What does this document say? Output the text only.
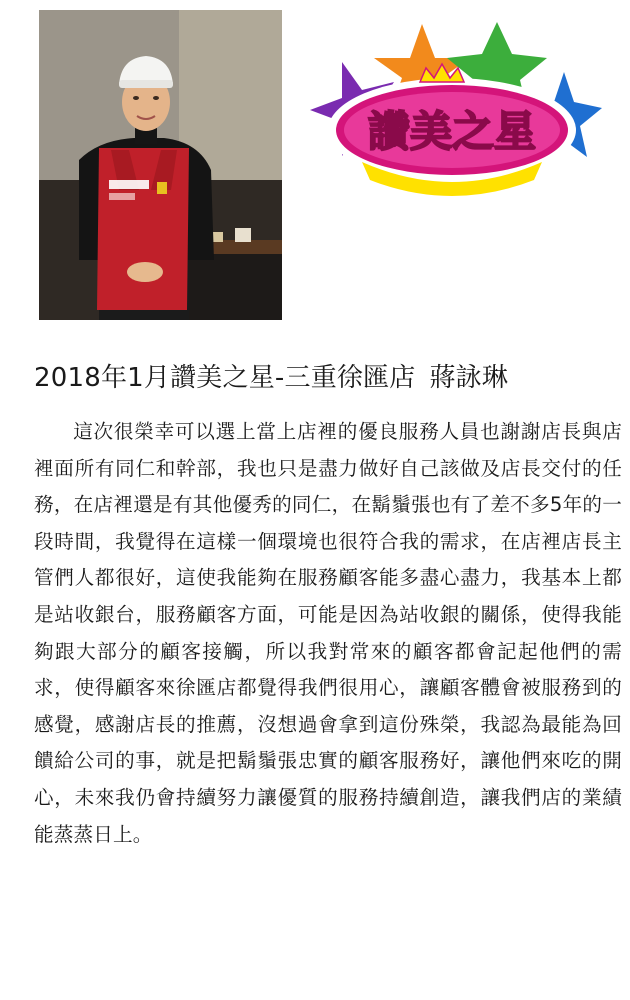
讚美之星
2018年1月讚美之星-三重徐匯店 蔣詠琳

這次很榮幸可以選上當上店裡的優良服務人員也謝謝店長與店裡面所有同仁和幹部，我也只是盡力做好自己該做及店長交付的任務，在店裡還是有其他優秀的同仁，在鬍鬚張也有了差不多5年的一段時間，我覺得在這樣一個環境也很符合我的需求，在店裡店長主管們人都很好，這使我能夠在服務顧客能多盡心盡力，我基本上都是站收銀台，服務顧客方面，可能是因為站收銀的關係，使得我能夠跟大部分的顧客接觸，所以我對常來的顧客都會記起他們的需求，使得顧客來徐匯店都覺得我們很用心，讓顧客體會被服務到的感覺，感謝店長的推薦，沒想過會拿到這份殊榮，我認為最能為回饋給公司的事，就是把鬍鬚張忠實的顧客服務好，讓他們來吃的開心，未來我仍會持續努力讓優質的服務持續創造，讓我們店的業績能蒸蒸日上。
